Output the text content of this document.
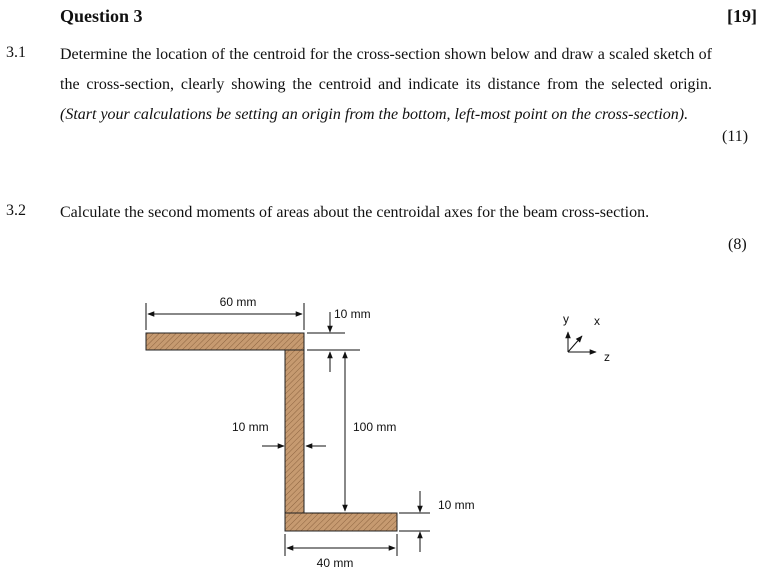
Question 3	[19]
3.1 Determine the location of the centroid for the cross-section shown below and draw a scaled sketch of the cross-section, clearly showing the centroid and indicate its distance from the selected origin. (Start your calculations be setting an origin from the bottom, left-most point on the cross-section).
(11)
3.2 Calculate the second moments of areas about the centroidal axes for the beam cross-section.
(8)
60 mm
10 mm
100 mm
10 mm
10 mm
40 mm
y x
z
